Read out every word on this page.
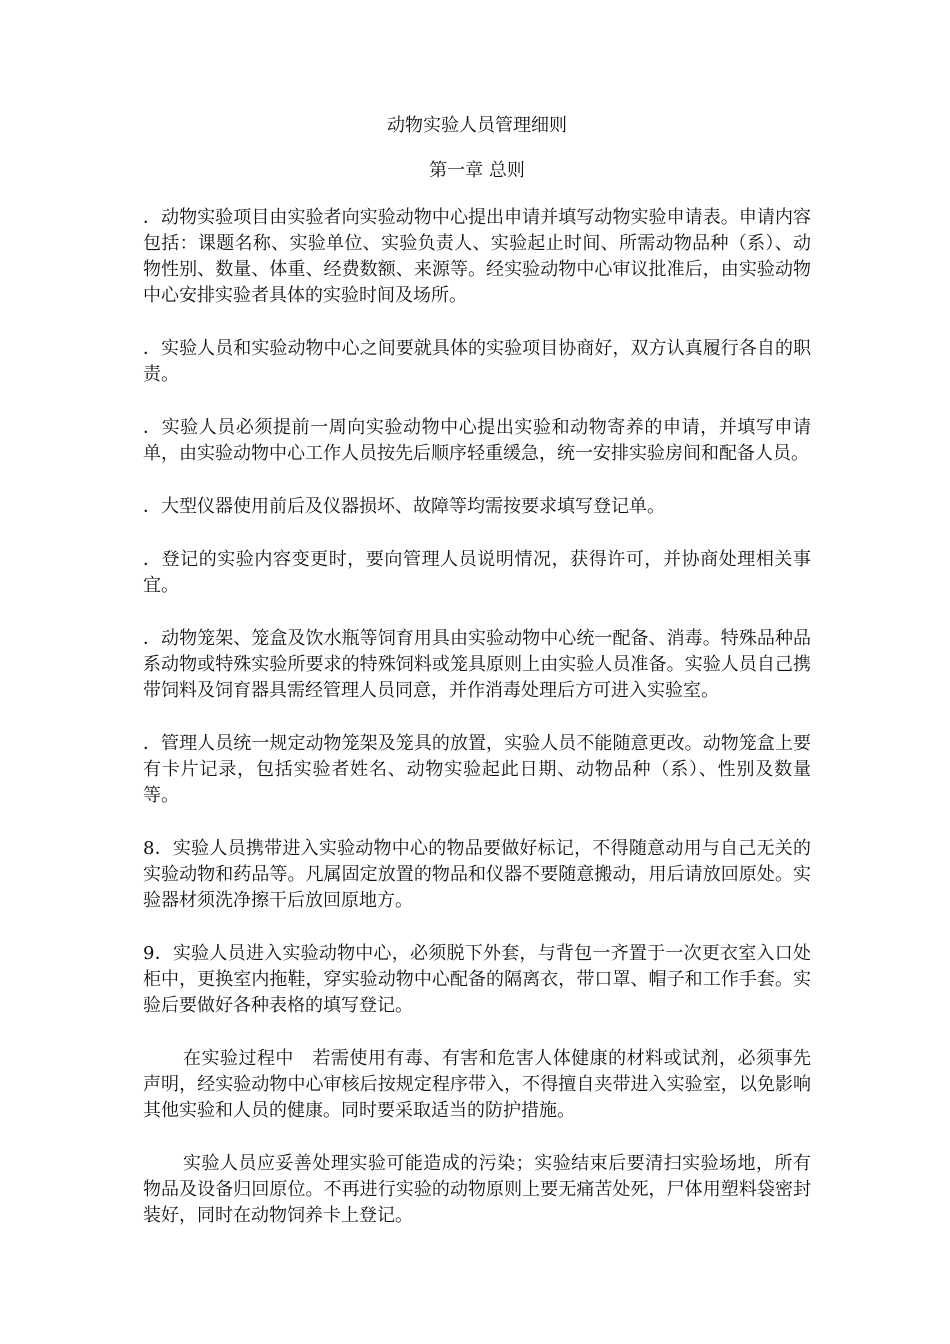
动物实验人员管理细则
第一章 总则

．动物实验项目由实验者向实验动物中心提出申请并填写动物实验申请表。申请内容包括：课题名称、实验单位、实验负责人、实验起止时间、所需动物品种（系）、动物性别、数量、体重、经费数额、来源等。经实验动物中心审议批准后，由实验动物中心安排实验者具体的实验时间及场所。

．实验人员和实验动物中心之间要就具体的实验项目协商好，双方认真履行各自的职责。

．实验人员必须提前一周向实验动物中心提出实验和动物寄养的申请，并填写申请单，由实验动物中心工作人员按先后顺序轻重缓急，统一安排实验房间和配备人员。

．大型仪器使用前后及仪器损坏、故障等均需按要求填写登记单。

．登记的实验内容变更时，要向管理人员说明情况，获得许可，并协商处理相关事宜。

．动物笼架、笼盒及饮水瓶等饲育用具由实验动物中心统一配备、消毒。特殊品种品系动物或特殊实验所要求的特殊饲料或笼具原则上由实验人员准备。实验人员自己携带饲料及饲育器具需经管理人员同意，并作消毒处理后方可进入实验室。

．管理人员统一规定动物笼架及笼具的放置，实验人员不能随意更改。动物笼盒上要有卡片记录，包括实验者姓名、动物实验起此日期、动物品种（系）、性别及数量等。

8．实验人员携带进入实验动物中心的物品要做好标记，不得随意动用与自己无关的实验动物和药品等。凡属固定放置的物品和仪器不要随意搬动，用后请放回原处。实验器材须洗净擦干后放回原地方。

9．实验人员进入实验动物中心，必须脱下外套，与背包一齐置于一次更衣室入口处柜中，更换室内拖鞋，穿实验动物中心配备的隔离衣，带口罩、帽子和工作手套。实验后要做好各种表格的填写登记。

在实验过程中　若需使用有毒、有害和危害人体健康的材料或试剂，必须事先声明，经实验动物中心审核后按规定程序带入，不得擅自夹带进入实验室，以免影响其他实验和人员的健康。同时要采取适当的防护措施。

实验人员应妥善处理实验可能造成的污染；实验结束后要清扫实验场地，所有物品及设备归回原位。不再进行实验的动物原则上要无痛苦处死，尸体用塑料袋密封装好，同时在动物饲养卡上登记。
